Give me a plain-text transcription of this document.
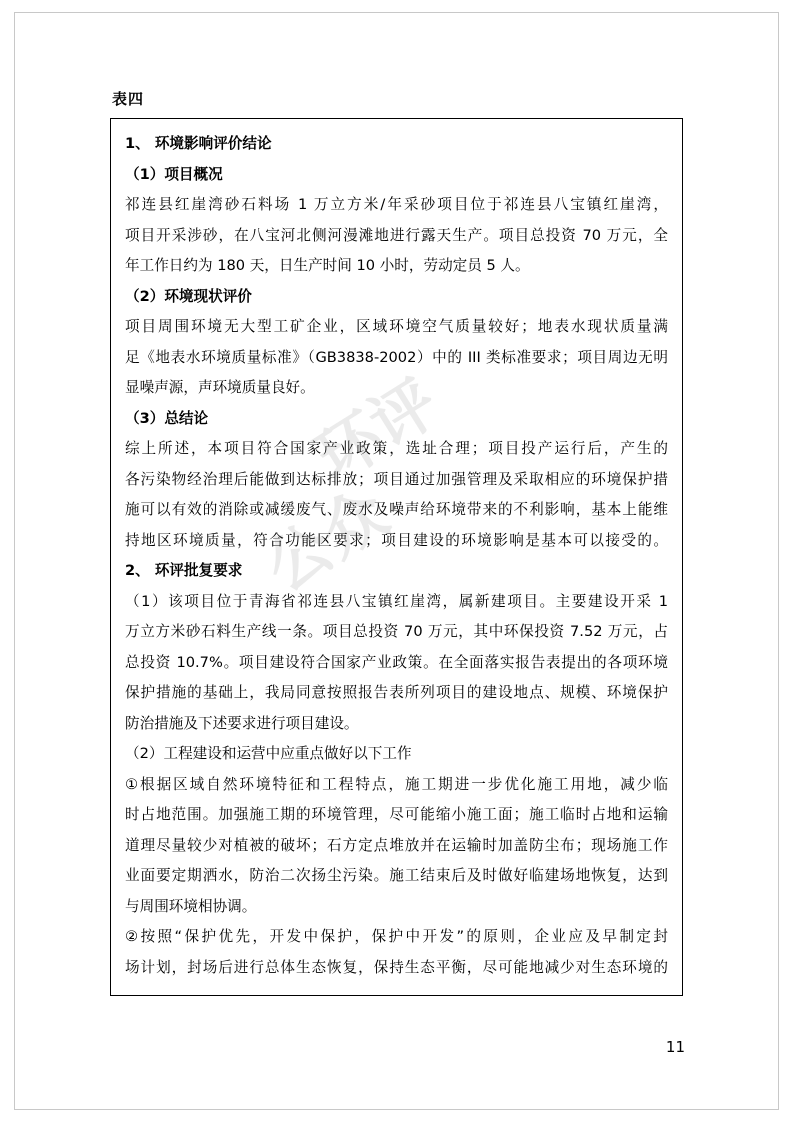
表四
1、 环境影响评价结论
（1）项目概况
祁连县红崖湾砂石料场 1 万立方米/年采砂项目位于祁连县八宝镇红崖湾，
项目开采涉砂，在八宝河北侧河漫滩地进行露天生产。项目总投资 70 万元，全
年工作日约为 180 天，日生产时间 10 小时，劳动定员 5 人。
（2）环境现状评价
项目周围环境无大型工矿企业，区域环境空气质量较好；地表水现状质量满
足《地表水环境质量标准》（GB3838-2002）中的 III 类标准要求；项目周边无明
显噪声源，声环境质量良好。
（3）总结论
综上所述，本项目符合国家产业政策，选址合理；项目投产运行后，产生的
各污染物经治理后能做到达标排放；项目通过加强管理及采取相应的环境保护措
施可以有效的消除或减缓废气、废水及噪声给环境带来的不利影响，基本上能维
持地区环境质量，符合功能区要求；项目建设的环境影响是基本可以接受的。
2、 环评批复要求
（1）该项目位于青海省祁连县八宝镇红崖湾，属新建项目。主要建设开采 1
万立方米砂石料生产线一条。项目总投资 70 万元，其中环保投资 7.52 万元，占
总投资 10.7%。项目建设符合国家产业政策。在全面落实报告表提出的各项环境
保护措施的基础上，我局同意按照报告表所列项目的建设地点、规模、环境保护
防治措施及下述要求进行项目建设。
（2）工程建设和运营中应重点做好以下工作
①根据区域自然环境特征和工程特点，施工期进一步优化施工用地，减少临
时占地范围。加强施工期的环境管理，尽可能缩小施工面；施工临时占地和运输
道理尽量较少对植被的破坏；石方定点堆放并在运输时加盖防尘布；现场施工作
业面要定期洒水，防治二次扬尘污染。施工结束后及时做好临建场地恢复，达到
与周围环境相协调。
②按照“保护优先，开发中保护，保护中开发”的原则，企业应及早制定封
场计划，封场后进行总体生态恢复，保持生态平衡，尽可能地减少对生态环境的
11
